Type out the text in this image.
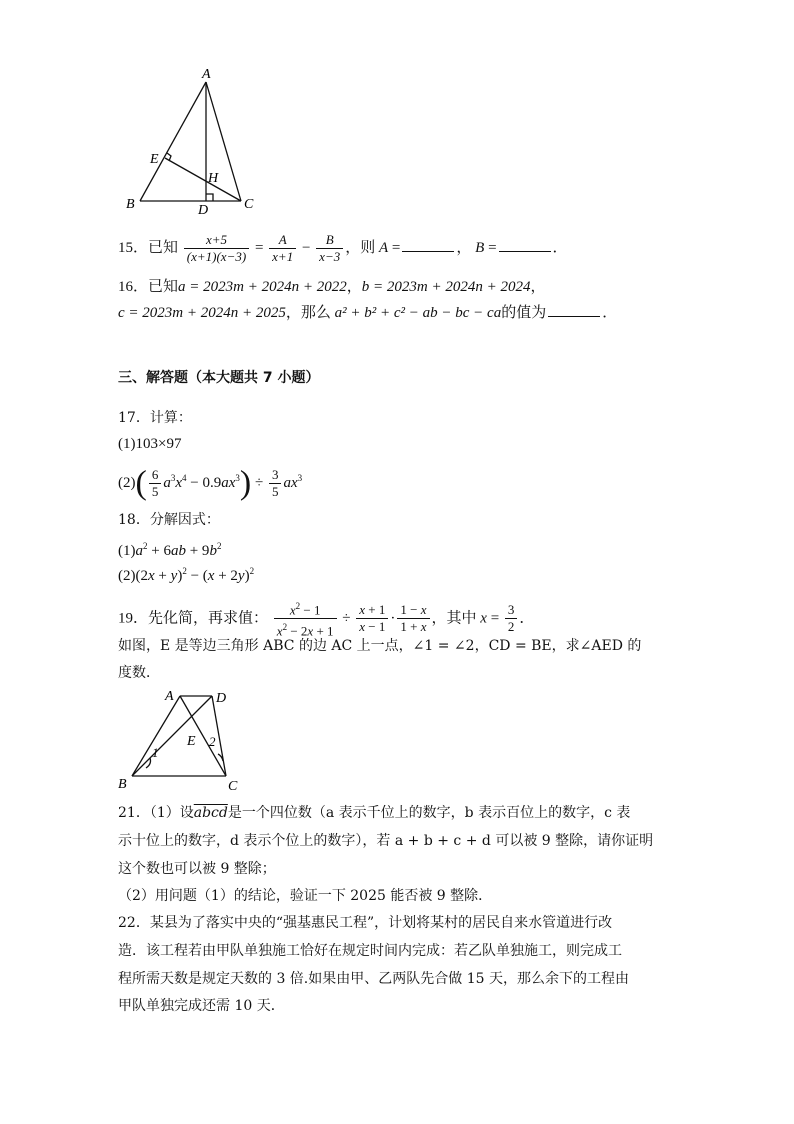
A
E
H
B	D	C
15．已知 $\frac{x+5}{(x+1)(x-3)} = \frac{A}{x+1} - \frac{B}{x-3}$ ，则 A =	， B =	．
16．已知a = 2023m + 2024n + 2022，b = 2023m + 2024n + 2024，
c = 2023m + 2024n + 2025，那么 a² + b² + c² − ab − bc − ca的值为	．
三、解答题（本大题共 7 小题）
17．计算：
(1)103×97
$(2)( \frac{6}{5} a^3x^4 - 0.9ax^3) \div \frac{3}{5} ax^3$
18．分解因式：
$(1)a^2 + 6ab + 9b^2$
$(2)(2x + y)^2 - (x + 2y)^2$
19．先化简，再求值： $\frac{x^2 - 1}{x^2 - 2x + 1} \div \frac{x + 1}{x - 1} \cdot \frac{1 - x}{1 + x}$ ，其中 $x = \frac{3}{2}$ ．
如图，E 是等边三角形 ABC 的边 AC 上一点，∠1 = ∠2，CD = BE，求∠AED 的
度数．
A	D
E
1
2
B	C
21．（1）设abcd是一个四位数（a 表示千位上的数字，b 表示百位上的数字，c 表
示十位上的数字，d 表示个位上的数字），若 a + b + c + d 可以被 9 整除，请你证明
这个数也可以被 9 整除；
（2）用问题（1）的结论，验证一下 2025 能否被 9 整除．
22．某县为了落实中央的“强基惠民工程”，计划将某村的居民自来水管道进行改
造．该工程若由甲队单独施工恰好在规定时间内完成：若乙队单独施工，则完成工
程所需天数是规定天数的 3 倍.如果由甲、乙两队先合做 15 天，那么余下的工程由
甲队单独完成还需 10 天．
